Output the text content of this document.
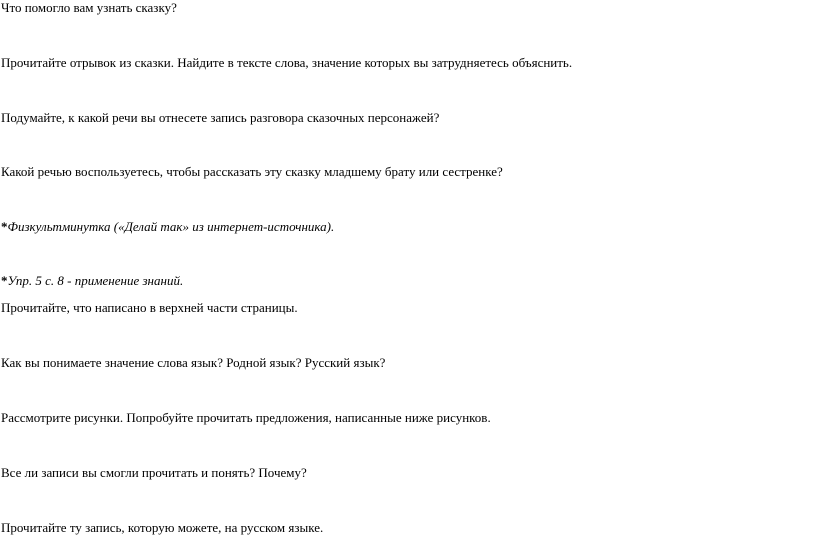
Что помогло вам узнать сказку?
Прочитайте отрывок из сказки. Найдите в тексте слова, значение которых вы затрудняетесь объяснить.
Подумайте, к какой речи вы отнесете запись разговора сказочных персонажей?
Какой речью воспользуетесь, чтобы рассказать эту сказку младшему брату или сестренке?
*Физкультминутка («Делай так» из интернет-источника).
*Упр. 5 с. 8 - применение знаний.
Прочитайте, что написано в верхней части страницы.
Как вы понимаете значение слова язык? Родной язык? Русский язык?
Рассмотрите рисунки. Попробуйте прочитать предложения, написанные ниже рисунков.
Все ли записи вы смогли прочитать и понять? Почему?
Прочитайте ту запись, которую можете, на русском языке.
